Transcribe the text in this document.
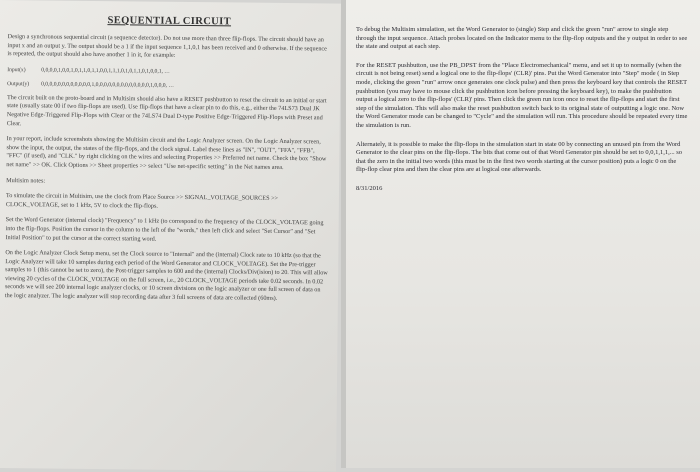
SEQUENTIAL CIRCUIT

Design a synchronous sequential circuit (a sequence detector). Do not use more than three flip-flops. The circuit should have an input x and an output y. The output should be a 1 if the input sequence 1,1,0,1 has been received and 0 otherwise. If the sequence is repeated, the output should also have another 1 in it, for example:

Input(x)	0,0,0,0,1,0,0,1,0,1,1,0,1,1,0,0,1,1,1,0,1,0,1,1,0,1,0,0,1, …
Output(y)	0,0,0,0,0,0,0,0,0,0,0,0,1,0,0,0,0,0,0,0,0,0,0,0,0,0,1,0,0,0, …

The circuit built on the proto-board and in Multisim should also have a RESET pushbutton to reset the circuit to an initial or start state (usually state 00 if two flip-flops are used). Use flip-flops that have a clear pin to do this, e.g., either the 74LS73 Dual JK Negative Edge-Triggered Flip-Flops with Clear or the 74LS74 Dual D-type Positive Edge-Triggered Flip-Flops with Preset and Clear.

In your report, include screenshots showing the Multisim circuit and the Logic Analyzer screen. On the Logic Analyzer screen, show the input, the output, the states of the flip-flops, and the clock signal. Label these lines as "IN", "OUT", "FFA", "FFB", "FFC" (if used), and "CLK." by right clicking on the wires and selecting Properties >> Preferred net name. Check the box "Show net name" >> OK. Click Options >> Sheet properties >> select "Use net-specific setting" in the Net names area.

Multisim notes:

To simulate the circuit in Multisim, use the clock from Place Source >> SIGNAL_VOLTAGE_SOURCES >> CLOCK_VOLTAGE, set to 1 kHz, 5V to clock the flip-flops.

Set the Word Generator (internal clock) "Frequency" to 1 kHz (to correspond to the frequency of the CLOCK_VOLTAGE going into the flip-flops. Position the cursor in the column to the left of the "words," then left click and select "Set Cursor" and "Set Initial Position" to put the cursor at the correct starting word.

On the Logic Analyzer Clock Setup menu, set the Clock source to "Internal" and the (internal) Clock rate to 10 kHz (so that the Logic Analyzer will take 10 samples during each period of the Word Generator and CLOCK_VOLTAGE). Set the Pre-trigger samples to 1 (this cannot be set to zero), the Post-trigger samples to 600 and the (internal) Clocks/Div(ision) to 20. This will allow viewing 20 cycles of the CLOCK_VOLTAGE on the full screen, i.e., 20 CLOCK_VOLTAGE periods take 0.02 seconds. In 0.02 seconds we will see 200 internal logic analyzer clocks, or 10 screen divisions on the logic analyzer or one full screen of data on the logic analyzer. The logic analyzer will stop recording data after 3 full screens of data are collected (60ms).

To debug the Multisim simulation, set the Word Generator to (single) Step and click the green "run" arrow to single step through the input sequence. Attach probes located on the Indicator menu to the flip-flop outputs and the y output in order to see the state and output at each step.

For the RESET pushbutton, use the PB_DPST from the "Place Electromechanical" menu, and set it up to normally (when the circuit is not being reset) send a logical one to the flip-flops' (CLR)' pins. Put the Word Generator into "Step" mode ( in Step mode, clicking the green "run" arrow once generates one clock pulse) and then press the keyboard key that controls the RESET pushbutton (you may have to mouse click the pushbutton icon before pressing the keyboard key), to make the pushbutton output a logical zero to the flip-flops' (CLR)' pins. Then click the green run icon once to reset the flip-flops and start the first step of the simulation. This will also make the reset pushbutton switch back to its original state of outputting a logic one. Now the Word Generator mode can be changed to "Cycle" and the simulation will run. This procedure should be repeated every time the simulation is run.

Alternately, it is possible to make the flip-flops in the simulation start in state 00 by connecting an unused pin from the Word Generator to the clear pins on the flip-flops. The bits that come out of that Word Generator pin should be set to 0,0,1,1,1,... so that the zero in the initial two words (this must be in the first two words starting at the cursor position) puts a logic 0 on the flip-flop clear pins and then the clear pins are at logical one afterwards.

8/31/2016
